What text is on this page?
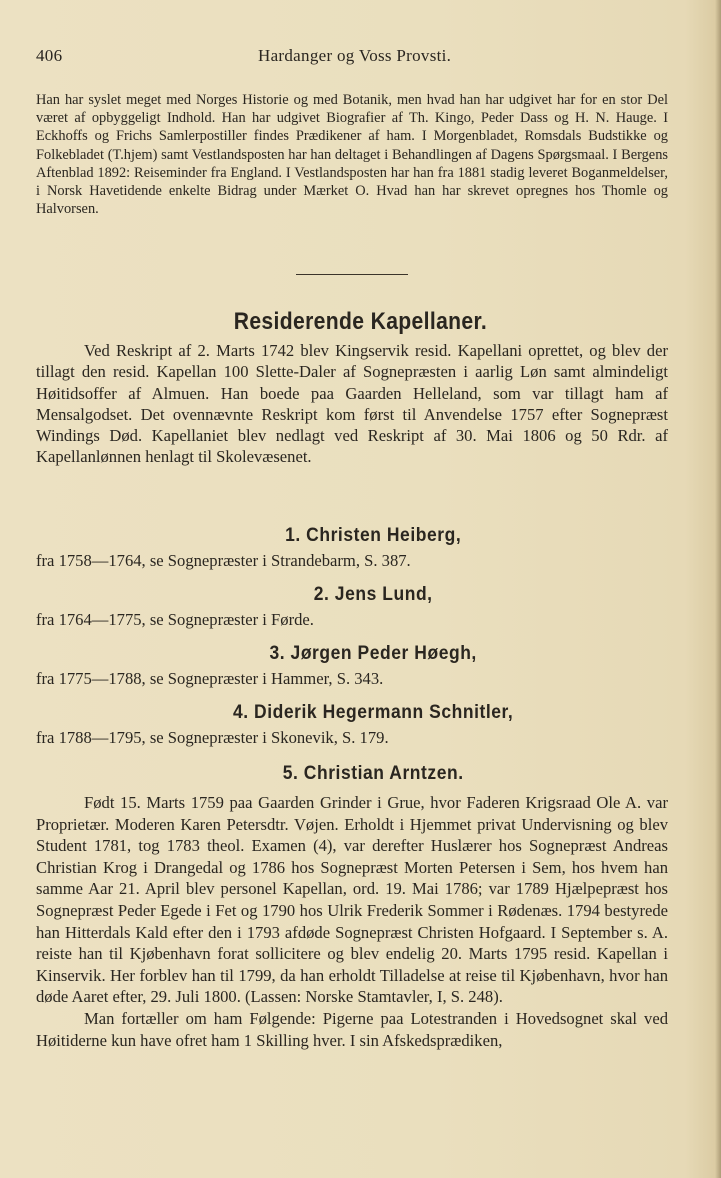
406	Hardanger og Voss Provsti.

Han har syslet meget med Norges Historie og med Botanik, men hvad han har udgivet har for en stor Del været af opbyggeligt Indhold. Han har udgivet Biografier af Th. Kingo, Peder Dass og H. N. Hauge. I Eckhoffs og Frichs Samlerpostiller findes Prædikener af ham. I Morgenbladet, Romsdals Budstikke og Folkebladet (T.hjem) samt Vestlandsposten har han deltaget i Behandlingen af Dagens Spørgsmaal. I Bergens Aftenblad 1892: Reiseminder fra England. I Vestlandsposten har han fra 1881 stadig leveret Boganmeldelser, i Norsk Havetidende enkelte Bidrag under Mærket O. Hvad han har skrevet opregnes hos Thomle og Halvorsen.

Residerende Kapellaner.

Ved Reskript af 2. Marts 1742 blev Kingservik resid. Kapellani oprettet, og blev der tillagt den resid. Kapellan 100 Slette-Daler af Sognepræsten i aarlig Løn samt almindeligt Høitidsoffer af Almuen. Han boede paa Gaarden Helleland, som var tillagt ham af Mensalgodset. Det ovennævnte Reskript kom først til Anvendelse 1757 efter Sognepræst Windings Død. Kapellaniet blev nedlagt ved Reskript af 30. Mai 1806 og 50 Rdr. af Kapellanlønnen henlagt til Skolevæsenet.

1. Christen Heiberg,
fra 1758—1764, se Sognepræster i Strandebarm, S. 387.
2. Jens Lund,
fra 1764—1775, se Sognepræster i Førde.
3. Jørgen Peder Høegh,
fra 1775—1788, se Sognepræster i Hammer, S. 343.
4. Diderik Hegermann Schnitler,
fra 1788—1795, se Sognepræster i Skonevik, S. 179.
5. Christian Arntzen.

Født 15. Marts 1759 paa Gaarden Grinder i Grue, hvor Faderen Krigsraad Ole A. var Proprietær. Moderen Karen Petersdtr. Vøjen. Erholdt i Hjemmet privat Undervisning og blev Student 1781, tog 1783 theol. Examen (4), var derefter Huslærer hos Sognepræst Andreas Christian Krog i Drangedal og 1786 hos Sognepræst Morten Petersen i Sem, hos hvem han samme Aar 21. April blev personel Kapellan, ord. 19. Mai 1786; var 1789 Hjælpepræst hos Sognepræst Peder Egede i Fet og 1790 hos Ulrik Frederik Sommer i Rødenæs. 1794 bestyrede han Hitterdals Kald efter den i 1793 afdøde Sognepræst Christen Hofgaard. I September s. A. reiste han til Kjøbenhavn forat sollicitere og blev endelig 20. Marts 1795 resid. Kapellan i Kinservik. Her forblev han til 1799, da han erholdt Tilladelse at reise til Kjøbenhavn, hvor han døde Aaret efter, 29. Juli 1800. (Lassen: Norske Stamtavler, I, S. 248).

Man fortæller om ham Følgende: Pigerne paa Lotestranden i Hovedsognet skal ved Høitiderne kun have ofret ham 1 Skilling hver. I sin Afskedsprædiken,
